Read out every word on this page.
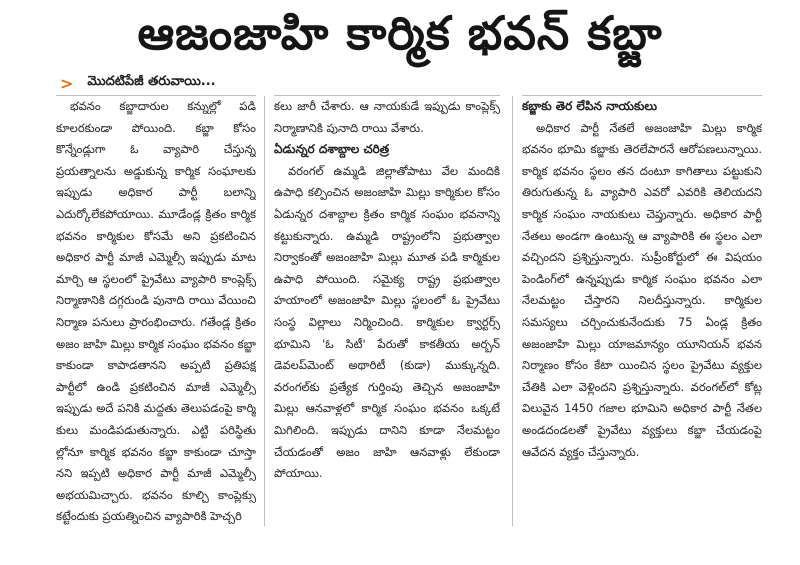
ఆజంజాహి కార్మిక భవన్ కబ్జా
> మొదటిపేజీ తరువాయి...

భవనం కబ్జాదారుల కన్నుల్లో పడి కూలరకుండా పోయింది. కబ్జా కోసం కొన్నేండ్లుగా ఓ వ్యాపారి చేస్తున్న ప్రయత్నాలను అడ్డుకున్న కార్మిక సంఘాలకు ఇప్పుడు అధికార పార్టీ బలాన్ని ఎదుర్కోలేకపోయాయి. మూడేండ్ల క్రితం కార్మిక భవనం కార్మికుల కోసమే అని ప్రకటించిన అధికార పార్టీ మాజీ ఎమ్మెల్సీ ఇప్పుడు మాట మార్చి ఆ స్థలంలో ప్రైవేటు వ్యాపారి కాంప్లెక్స్ నిర్మాణానికి దగ్గరుండి పునాది రాయి వేయించి నిర్మాణ పనులు ప్రారంభించారు. గతేండ్ల క్రితం అజం జాహి మిల్లు కార్మిక సంఘం భవనం కబ్జా కాకుండా కాపాడతానని అప్పటి ప్రతిపక్ష పార్టీలో ఉండి ప్రకటించిన మాజీ ఎమ్మెల్సీ ఇప్పుడు అదే పనికి మద్దతు తెలుపడంపై కార్మి కులు మండిపడుతున్నారు. ఎట్టి పరిస్థితు ల్లోనూ కార్మిక భవనం కబ్జా కాకుండా చూస్తా నని ఇప్పటి అధికార పార్టీ మాజీ ఎమ్మెల్సీ అభయమిచ్చారు. భవనం కూల్చి కాంప్లెక్సు కట్టేందుకు ప్రయత్నించిన వ్యాపారికి హెచ్చరి

కలు జారీ చేశారు. ఆ నాయకుడే ఇప్పుడు కాంప్లెక్స్ నిర్మాణానికి పునాది రాయి వేశారు.

ఏడున్నర దశాబ్దాల చరిత్ర

వరంగల్ ఉమ్మడి జిల్లాతోపాటు వేల మందికి ఉపాధి కల్పించిన అజంజాహి మిల్లు కార్మికుల కోసం ఏడున్నర దశాబ్దాల క్రితం కార్మిక సంఘం భవనాన్ని కట్టుకున్నారు. ఉమ్మడి రాష్ట్రంలోని ప్రభుత్వాల నిర్వాకంతో అజంజాహి మిల్లు మూత పడి కార్మికుల ఉపాధి పోయింది. సమైక్య రాష్ట్ర ప్రభుత్వాల హయాంలో అజంజాహి మిల్లు స్థలంలో ఓ ప్రైవేటు సంస్థ విల్లాలు నిర్మించింది. కార్మికుల క్వార్టర్స్ భూమిని 'ఓ సిటీ' పేరుతో కాకతీయ అర్బన్ డెవలప్‌మెంట్ అథారిటీ (కుడా) ముక్కున్నది. వరంగల్‌కు ప్రత్యేక గుర్తింపు తెచ్చిన అజంజాహి మిల్లు ఆనవాళ్లలో కార్మిక సంఘం భవనం ఒక్కటే మిగిలింది. ఇప్పుడు దానిని కూడా నేలమట్టం చేయడంతో అజం జాహి ఆనవాళ్లు లేకుండా పోయాయి.

కబ్జాకు తెర లేపిన నాయకులు

అధికార పార్టీ నేతలే అజంజాహి మిల్లు కార్మిక భవనం భూమి కబ్జాకు తెరలేపారనే ఆరోపణలున్నాయి. కార్మిక భవనం స్థలం తన దంటూ కాగితాలు పట్టుకుని తిరుగుతున్న ఓ వ్యాపారి ఎవరో ఎవరికి తెలియదని కార్మిక సంఘం నాయకులు చెప్తున్నారు. అధికార పార్టీ నేతలు అండగా ఉంటున్న ఆ వ్యాపారికి ఈ స్థలం ఎలా వచ్చిందని ప్రశ్నిస్తున్నారు. సుప్రీంకోర్టులో ఈ విషయం పెండింగ్‌లో ఉన్నప్పుడు కార్మిక సంఘం భవనం ఎలా నేలమట్టం చేస్తారని నిలదీస్తున్నారు. కార్మికుల సమస్యలు చర్చించుకునేందుకు 75 ఏండ్ల క్రితం అజంజాహి మిల్లు యాజమాన్యం యూనియన్ భవన నిర్మాణం కోసం కేటా యించిన స్థలం ప్రైవేటు వ్యక్తుల చేతికి ఎలా వెళ్లిందని ప్రశ్నిస్తున్నారు. వరంగల్‌లో కోట్ల విలువైన 1450 గజాల భూమిని అధికార పార్టీ నేతల అండదండలతో ప్రైవేటు వ్యక్తులు కబ్జా చేయడంపై ఆవేదన వ్యక్తం చేస్తున్నారు.
